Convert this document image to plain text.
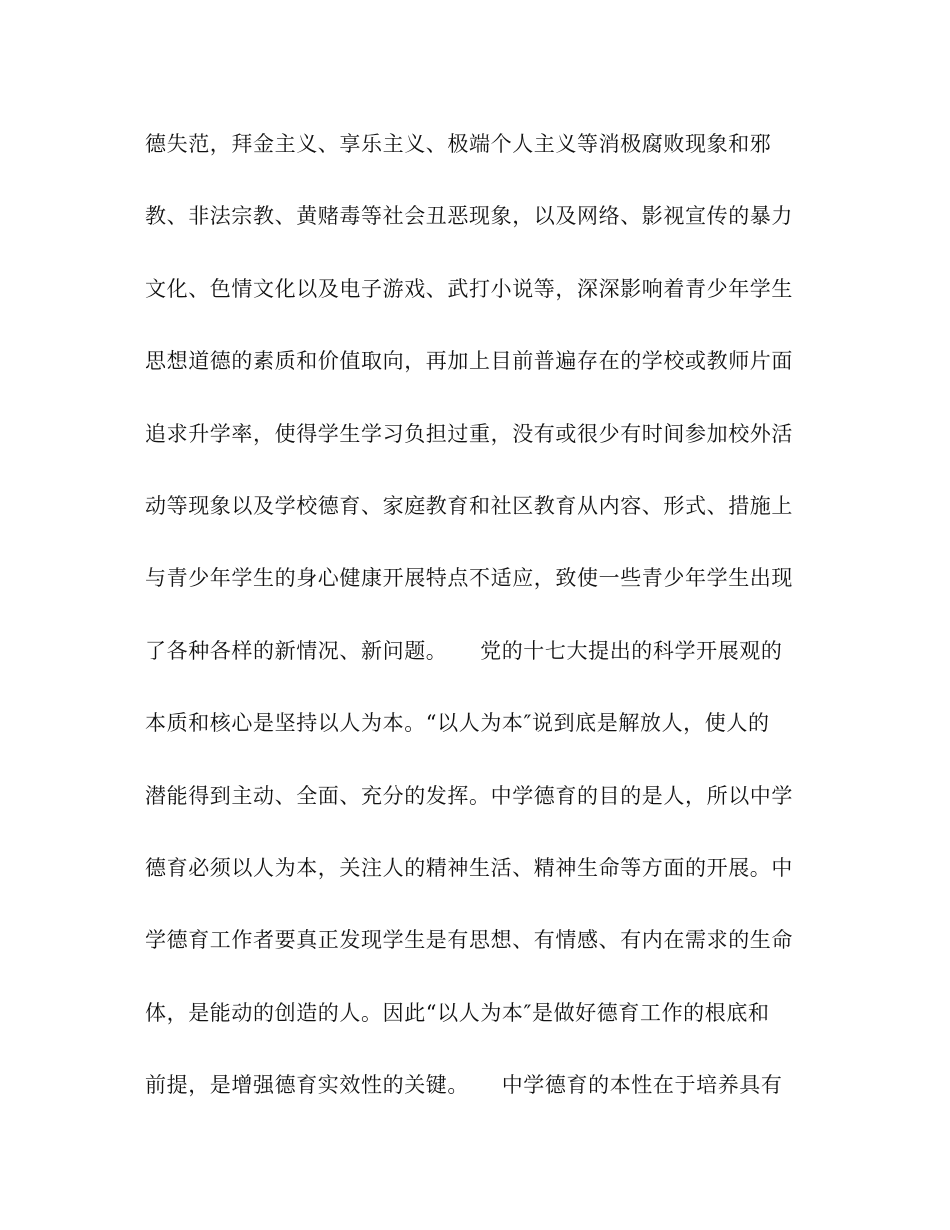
德失范，拜金主义、享乐主义、极端个人主义等消极腐败现象和邪
教、非法宗教、黄赌毒等社会丑恶现象，以及网络、影视宣传的暴力
文化、色情文化以及电子游戏、武打小说等，深深影响着青少年学生
思想道德的素质和价值取向，再加上目前普遍存在的学校或教师片面
追求升学率，使得学生学习负担过重，没有或很少有时间参加校外活
动等现象以及学校德育、家庭教育和社区教育从内容、形式、措施上
与青少年学生的身心健康开展特点不适应，致使一些青少年学生出现
了各种各样的新情况、新问题。　　党的十七大提出的科学开展观的
本质和核心是坚持以人为本。“以人为本″说到底是解放人，使人的
潜能得到主动、全面、充分的发挥。中学德育的目的是人，所以中学
德育必须以人为本，关注人的精神生活、精神生命等方面的开展。中
学德育工作者要真正发现学生是有思想、有情感、有内在需求的生命
体，是能动的创造的人。因此“以人为本″是做好德育工作的根底和
前提，是增强德育实效性的关键。　　中学德育的本性在于培养具有
